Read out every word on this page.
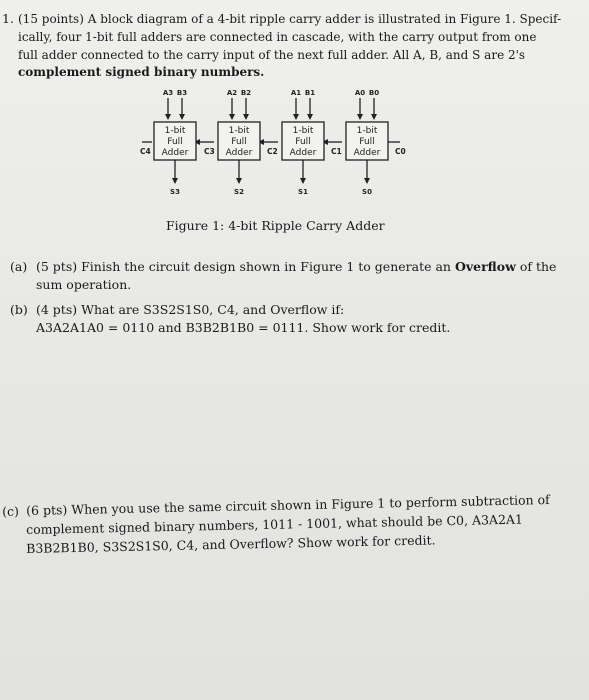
1. (15 points) A block diagram of a 4-bit ripple carry adder is illustrated in Figure 1. Specif-
ically, four 1-bit full adders are connected in cascade, with the carry output from one
full adder connected to the carry input of the next full adder. All A, B, and S are 2's
complement signed binary numbers.
1-bit
Full
Adder
1-bit
Full
Adder
1-bit
Full
Adder
1-bit
Full
Adder
A3 B3	A2 B2	A1 B1	A0 B0
S3	S2	S1	S0
C4	C3	C2	C1	C0
Figure 1: 4-bit Ripple Carry Adder
(a) (5 pts) Finish the circuit design shown in Figure 1 to generate an Overflow of the
sum operation.
(b) (4 pts) What are S3S2S1S0, C4, and Overflow if:
A3A2A1A0 = 0110 and B3B2B1B0 = 0111. Show work for credit.
(c) (6 pts) When you use the same circuit shown in Figure 1 to perform subtraction of
complement signed binary numbers, 1011 - 1001, what should be C0, A3A2A1
B3B2B1B0, S3S2S1S0, C4, and Overflow? Show work for credit.
